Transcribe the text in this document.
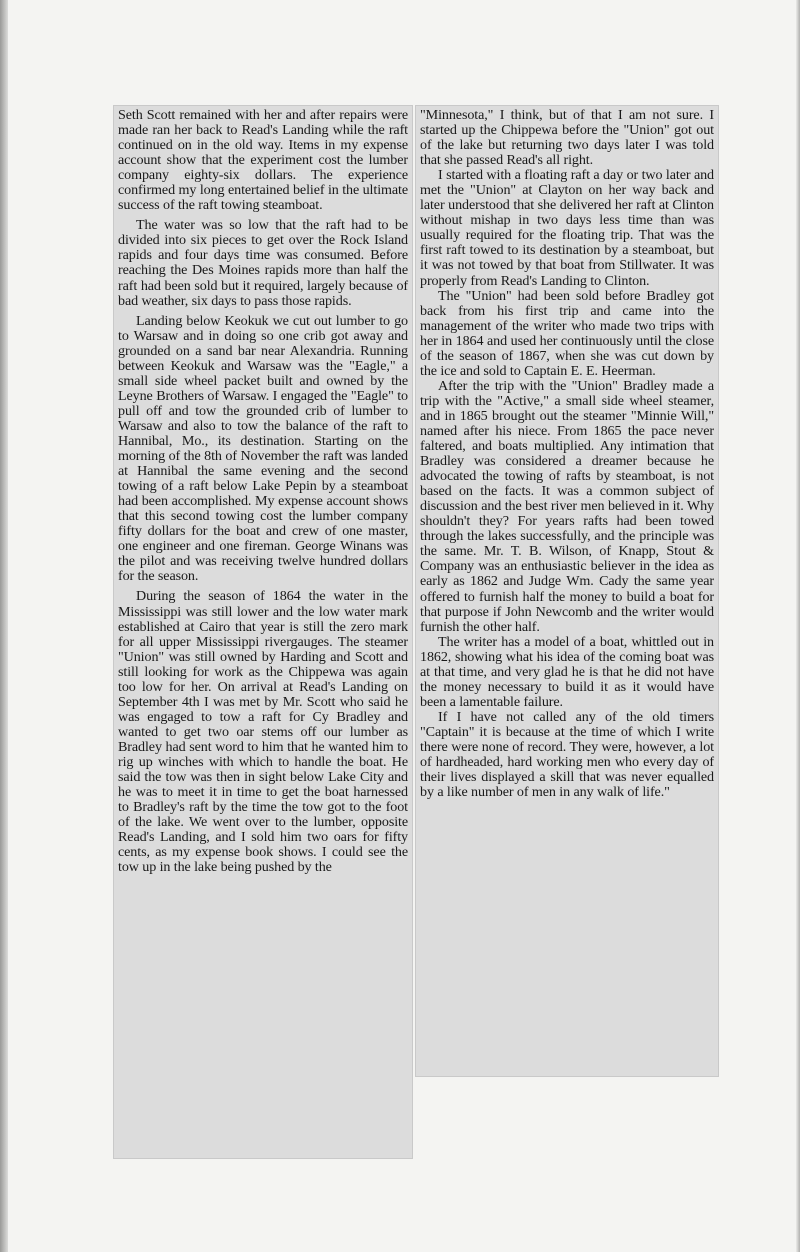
Seth Scott remained with her and after repairs were made ran her back to Read's Landing while the raft continued on in the old way. Items in my expense account show that the experiment cost the lumber company eighty-six dollars. The experience confirmed my long entertained belief in the ultimate success of the raft towing steamboat.

The water was so low that the raft had to be divided into six pieces to get over the Rock Island rapids and four days time was consumed. Before reaching the Des Moines rapids more than half the raft had been sold but it required, largely because of bad weather, six days to pass those rapids.

Landing below Keokuk we cut out lumber to go to Warsaw and in doing so one crib got away and grounded on a sand bar near Alexandria. Running between Keokuk and Warsaw was the "Eagle," a small side wheel packet built and owned by the Leyne Brothers of Warsaw. I engaged the "Eagle" to pull off and tow the grounded crib of lumber to Warsaw and also to tow the balance of the raft to Hannibal, Mo., its destination. Starting on the morning of the 8th of November the raft was landed at Hannibal the same evening and the second towing of a raft below Lake Pepin by a steamboat had been accomplished. My expense account shows that this second towing cost the lumber company fifty dollars for the boat and crew of one master, one engineer and one fireman. George Winans was the pilot and was receiving twelve hundred dollars for the season.

During the season of 1864 the water in the Mississippi was still lower and the low water mark established at Cairo that year is still the zero mark for all upper Mississippi rivergauges. The steamer "Union" was still owned by Harding and Scott and still looking for work as the Chippewa was again too low for her. On arrival at Read's Landing on September 4th I was met by Mr. Scott who said he was engaged to tow a raft for Cy Bradley and wanted to get two oar stems off our lumber as Bradley had sent word to him that he wanted him to rig up winches with which to handle the boat. He said the tow was then in sight below Lake City and he was to meet it in time to get the boat harnessed to Bradley's raft by the time the tow got to the foot of the lake. We went over to the lumber, opposite Read's Landing, and I sold him two oars for fifty cents, as my expense book shows. I could see the tow up in the lake being pushed by the

"Minnesota," I think, but of that I am not sure. I started up the Chippewa before the "Union" got out of the lake but returning two days later I was told that she passed Read's all right.

I started with a floating raft a day or two later and met the "Union" at Clayton on her way back and later understood that she delivered her raft at Clinton without mishap in two days less time than was usually required for the floating trip. That was the first raft towed to its destination by a steamboat, but it was not towed by that boat from Stillwater. It was properly from Read's Landing to Clinton.

The "Union" had been sold before Bradley got back from his first trip and came into the management of the writer who made two trips with her in 1864 and used her continuously until the close of the season of 1867, when she was cut down by the ice and sold to Captain E. E. Heerman.

After the trip with the "Union" Bradley made a trip with the "Active," a small side wheel steamer, and in 1865 brought out the steamer "Minnie Will," named after his niece. From 1865 the pace never faltered, and boats multiplied. Any intimation that Bradley was considered a dreamer because he advocated the towing of rafts by steamboat, is not based on the facts. It was a common subject of discussion and the best river men believed in it. Why shouldn't they? For years rafts had been towed through the lakes successfully, and the principle was the same. Mr. T. B. Wilson, of Knapp, Stout & Company was an enthusiastic believer in the idea as early as 1862 and Judge Wm. Cady the same year offered to furnish half the money to build a boat for that purpose if John Newcomb and the writer would furnish the other half.

The writer has a model of a boat, whittled out in 1862, showing what his idea of the coming boat was at that time, and very glad he is that he did not have the money necessary to build it as it would have been a lamentable failure.

If I have not called any of the old timers "Captain" it is because at the time of which I write there were none of record. They were, however, a lot of hardheaded, hard working men who every day of their lives displayed a skill that was never equalled by a like number of men in any walk of life."
